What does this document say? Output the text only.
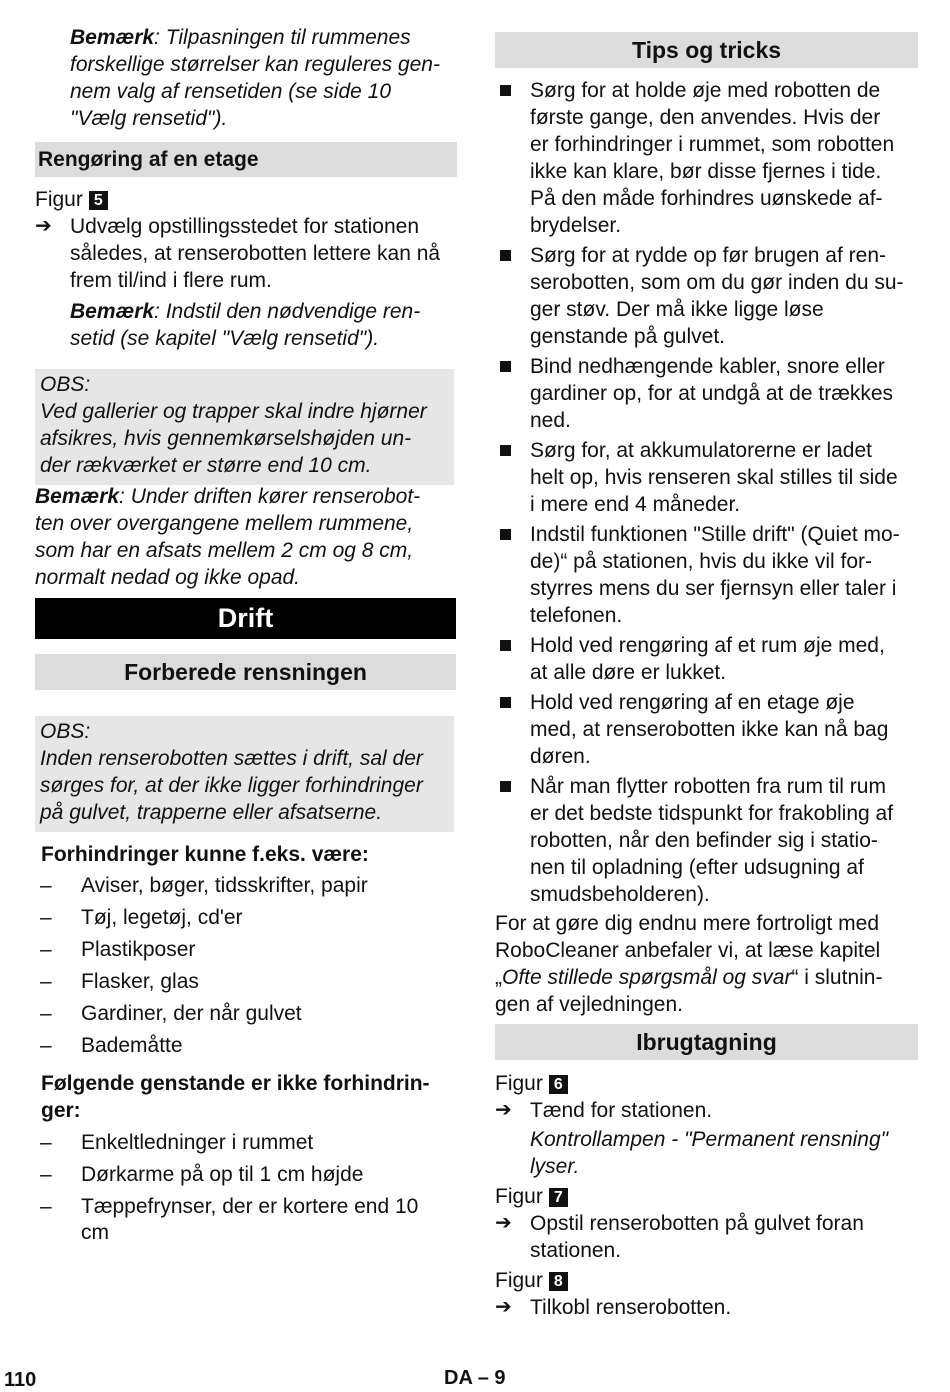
Bemærk: Tilpasningen til rummenes

forskellige størrelser kan reguleres gen-

nem valg af rensetiden (se side 10

"Vælg rensetid").

Rengøring af en etage
Figur 5
➔ Udvælg opstillingsstedet for stationen
således, at renserobotten lettere kan nå
frem til/ind i flere rum.

Bemærk: Indstil den nødvendige ren-

setid (se kapitel "Vælg rensetid").

OBS:

Ved gallerier og trapper skal indre hjørner

afsikres, hvis gennemkørselshøjden un-

der rækværket er større end 10 cm.

Bemærk: Under driften kører renserobot-

ten over overgangene mellem rummene,

som har en afsats mellem 2 cm og 8 cm,

normalt nedad og ikke opad.

Drift
Forberede rensningen

OBS:

Inden renserobotten sættes i drift, sal der

sørges for, at der ikke ligger forhindringer

på gulvet, trapperne eller afsatserne.

Forhindringer kunne f.eks. være:
– Aviser, bøger, tidsskrifter, papir
– Tøj, legetøj, cd'er
– Plastikposer
– Flasker, glas
– Gardiner, der når gulvet
– Bademåtte
Følgende genstande er ikke forhindrin-
ger:
– Enkeltledninger i rummet
– Dørkarme på op til 1 cm højde
– Tæppefrynser, der er kortere end 10
cm
Tips og tricks
Sørg for at holde øje med robotten de
første gange, den anvendes. Hvis der
er forhindringer i rummet, som robotten
ikke kan klare, bør disse fjernes i tide.
På den måde forhindres uønskede af-
brydelser.
Sørg for at rydde op før brugen af ren-
serobotten, som om du gør inden du su-
ger støv. Der må ikke ligge løse
genstande på gulvet.
Bind nedhængende kabler, snore eller
gardiner op, for at undgå at de trækkes
ned.
Sørg for, at akkumulatorerne er ladet
helt op, hvis renseren skal stilles til side
i mere end 4 måneder.
Indstil funktionen "Stille drift" (Quiet mo-
de)“ på stationen, hvis du ikke vil for-
styrres mens du ser fjernsyn eller taler i
telefonen.
Hold ved rengøring af et rum øje med,
at alle døre er lukket.
Hold ved rengøring af en etage øje
med, at renserobotten ikke kan nå bag
døren.
Når man flytter robotten fra rum til rum
er det bedste tidspunkt for frakobling af
robotten, når den befinder sig i statio-
nen til opladning (efter udsugning af
smudsbeholderen).

For at gøre dig endnu mere fortroligt med

RoboCleaner anbefaler vi, at læse kapitel

„Ofte stillede spørgsmål og svar“ i slutnin-

gen af vejledningen.

Ibrugtagning
Figur 6
➔ Tænd for stationen.

Kontrollampen - "Permanent rensning"

lyser.

Figur 7
➔ Opstil renserobotten på gulvet foran
stationen.
Figur 8
➔ Tilkobl renserobotten.
110	DA – 9
